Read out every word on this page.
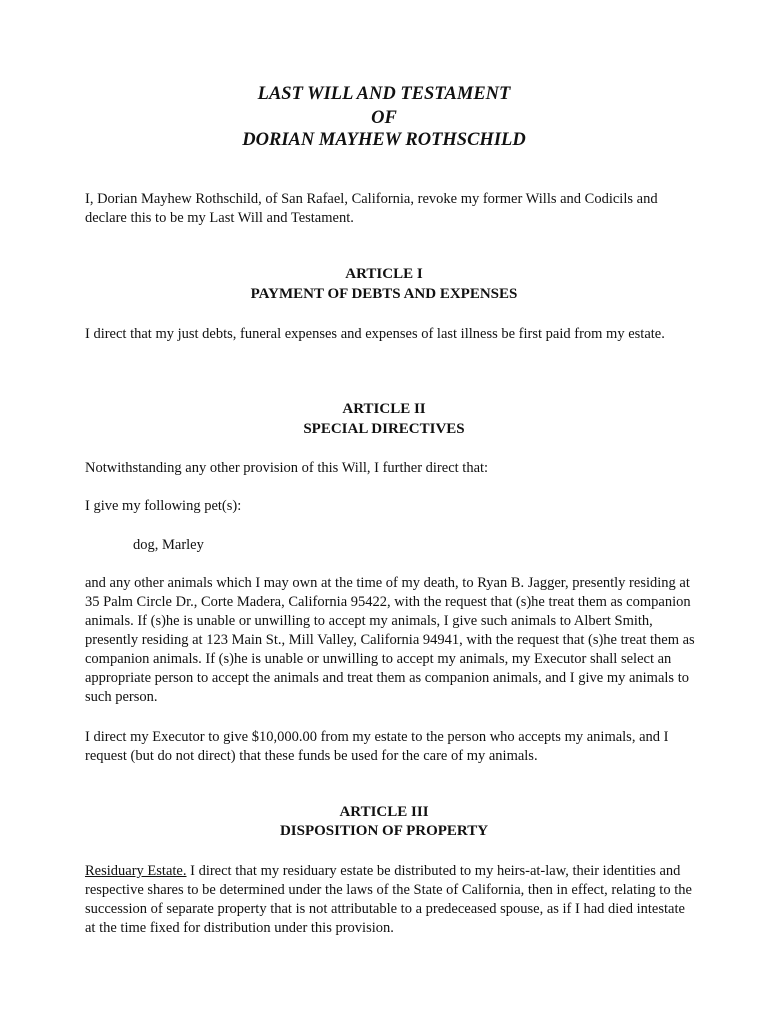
LAST WILL AND TESTAMENT
OF
DORIAN MAYHEW ROTHSCHILD
I, Dorian Mayhew Rothschild, of San Rafael, California, revoke my former Wills and Codicils and declare this to be my Last Will and Testament.
ARTICLE I
PAYMENT OF DEBTS AND EXPENSES
I direct that my just debts, funeral expenses and expenses of last illness be first paid from my estate.
ARTICLE II
SPECIAL DIRECTIVES
Notwithstanding any other provision of this Will, I further direct that:
I give my following pet(s):
dog, Marley
and any other animals which I may own at the time of my death, to Ryan B. Jagger, presently residing at 35 Palm Circle Dr., Corte Madera, California 95422, with the request that (s)he treat them as companion animals. If (s)he is unable or unwilling to accept my animals, I give such animals to Albert Smith, presently residing at 123 Main St., Mill Valley, California 94941, with the request that (s)he treat them as companion animals. If (s)he is unable or unwilling to accept my animals, my Executor shall select an appropriate person to accept the animals and treat them as companion animals, and I give my animals to such person.
I direct my Executor to give $10,000.00 from my estate to the person who accepts my animals, and I request (but do not direct) that these funds be used for the care of my animals.
ARTICLE III
DISPOSITION OF PROPERTY
Residuary Estate. I direct that my residuary estate be distributed to my heirs-at-law, their identities and respective shares to be determined under the laws of the State of California, then in effect, relating to the succession of separate property that is not attributable to a predeceased spouse, as if I had died intestate at the time fixed for distribution under this provision.
